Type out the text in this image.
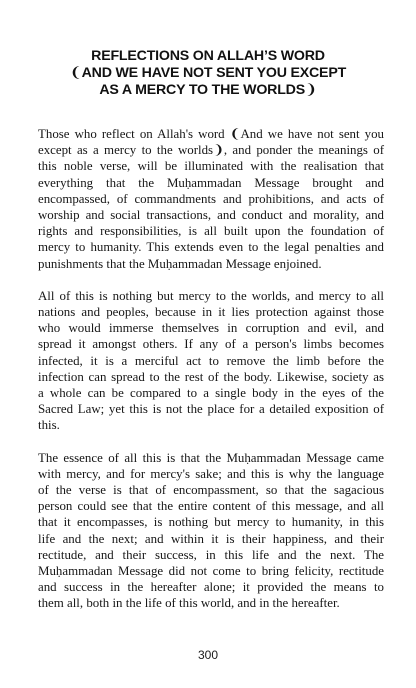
REFLECTIONS ON ALLAH’S WORD
❨AND WE HAVE NOT SENT YOU EXCEPT
AS A MERCY TO THE WORLDS❩
Those who reflect on Allah's word ❨And we have not sent you
except as a mercy to the worlds❩, and ponder the meanings of
this noble verse, will be illuminated with the realisation that
everything that the Muḥammadan Message brought and
encompassed, of commandments and prohibitions, and acts of
worship and social transactions, and conduct and morality, and
rights and responsibilities, is all built upon the foundation of
mercy to humanity. This extends even to the legal penalties and
punishments that the Muḥammadan Message enjoined.
All of this is nothing but mercy to the worlds, and mercy to all
nations and peoples, because in it lies protection against those
who would immerse themselves in corruption and evil, and
spread it amongst others. If any of a person's limbs becomes
infected, it is a merciful act to remove the limb before the
infection can spread to the rest of the body. Likewise, society as
a whole can be compared to a single body in the eyes of the
Sacred Law; yet this is not the place for a detailed exposition of
this.
The essence of all this is that the Muḥammadan Message came
with mercy, and for mercy's sake; and this is why the language
of the verse is that of encompassment, so that the sagacious
person could see that the entire content of this message, and all
that it encompasses, is nothing but mercy to humanity, in this
life and the next; and within it is their happiness, and their
rectitude, and their success, in this life and the next. The
Muḥammadan Message did not come to bring felicity, rectitude
and success in the hereafter alone; it provided the means to
them all, both in the life of this world, and in the hereafter.
300
